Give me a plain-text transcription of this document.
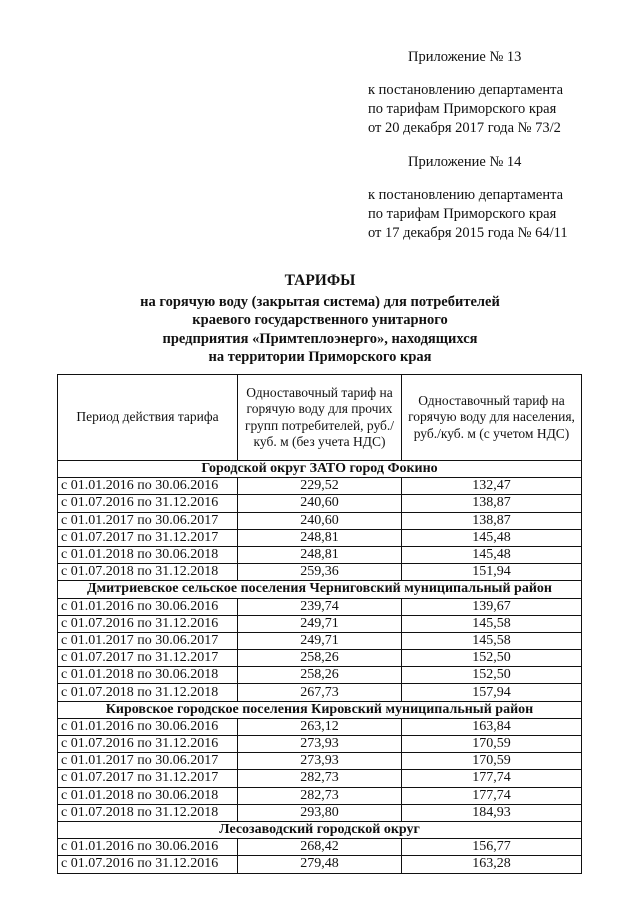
Приложение № 13
к постановлению департамента
по тарифам Приморского края
от 20 декабря 2017 года № 73/2
Приложение № 14
к постановлению департамента
по тарифам Приморского края
от 17 декабря 2015 года № 64/11
ТАРИФЫ
на горячую воду (закрытая система) для потребителей
краевого государственного унитарного
предприятия «Примтеплоэнерго», находящихся
на территории Приморского края
Период действия тарифа	Одноставочный тариф на горячую воду для прочих групп потребителей, руб./куб. м (без учета НДС)	Одноставочный тариф на горячую воду для населения, руб./куб. м (с учетом НДС)
Городской округ ЗАТО город Фокино		
с 01.01.2016 по 30.06.2016	229,52	132,47
с 01.07.2016 по 31.12.2016	240,60	138,87
с 01.01.2017 по 30.06.2017	240,60	138,87
с 01.07.2017 по 31.12.2017	248,81	145,48
с 01.01.2018 по 30.06.2018	248,81	145,48
с 01.07.2018 по 31.12.2018	259,36	151,94
Дмитриевское сельское поселения Черниговский муниципальный район		
с 01.01.2016 по 30.06.2016	239,74	139,67
с 01.07.2016 по 31.12.2016	249,71	145,58
с 01.01.2017 по 30.06.2017	249,71	145,58
с 01.07.2017 по 31.12.2017	258,26	152,50
с 01.01.2018 по 30.06.2018	258,26	152,50
с 01.07.2018 по 31.12.2018	267,73	157,94
Кировское городское поселения Кировский муниципальный район		
с 01.01.2016 по 30.06.2016	263,12	163,84
с 01.07.2016 по 31.12.2016	273,93	170,59
с 01.01.2017 по 30.06.2017	273,93	170,59
с 01.07.2017 по 31.12.2017	282,73	177,74
с 01.01.2018 по 30.06.2018	282,73	177,74
с 01.07.2018 по 31.12.2018	293,80	184,93
Лесозаводский городской округ		
с 01.01.2016 по 30.06.2016	268,42	156,77
с 01.07.2016 по 31.12.2016	279,48	163,28
